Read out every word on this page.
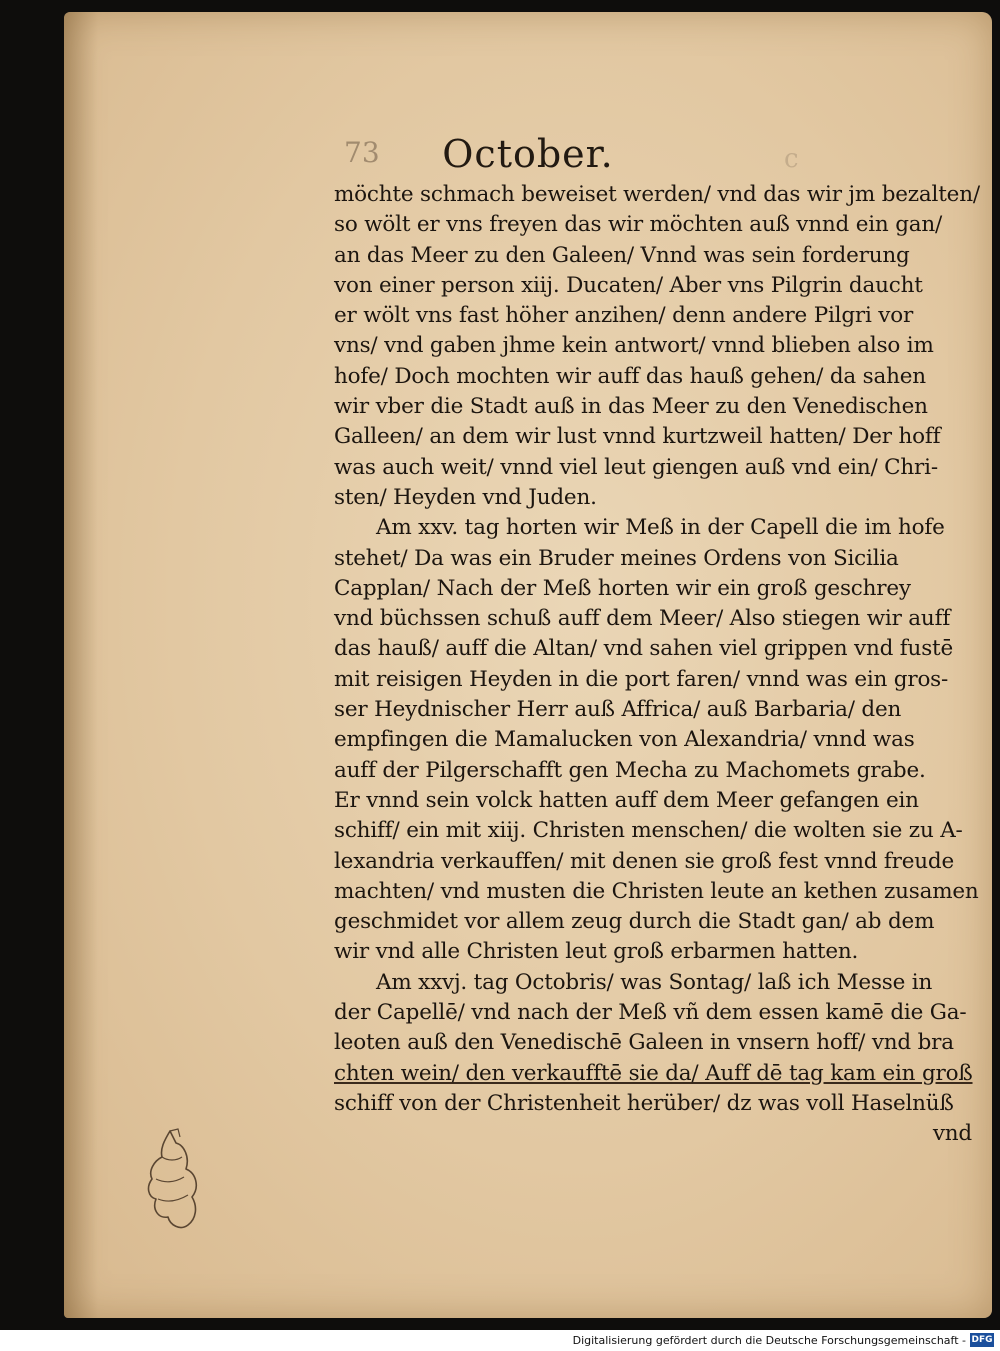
73	October.	c
möchte schmach beweiset werden/ vnd das wir jm bezalten/
so wölt er vns freyen das wir möchten auß vnnd ein gan/
an das Meer zu den Galeen/ Vnnd was sein forderung
von einer person xiij. Ducaten/ Aber vns Pilgrin daucht
er wölt vns fast höher anzihen/ denn andere Pilgri vor
vns/ vnd gaben jhme kein antwort/ vnnd blieben also im
hofe/ Doch mochten wir auff das hauß gehen/ da sahen
wir vber die Stadt auß in das Meer zu den Venedischen
Galleen/ an dem wir lust vnnd kurtzweil hatten/ Der hoff
was auch weit/ vnnd viel leut giengen auß vnd ein/ Chri-
sten/ Heyden vnd Juden.
Am xxv. tag horten wir Meß in der Capell die im hofe
stehet/ Da was ein Bruder meines Ordens von Sicilia
Capplan/ Nach der Meß horten wir ein groß geschrey
vnd büchssen schuß auff dem Meer/ Also stiegen wir auff
das hauß/ auff die Altan/ vnd sahen viel grippen vnd fustē
mit reisigen Heyden in die port faren/ vnnd was ein gros-
ser Heydnischer Herr auß Affrica/ auß Barbaria/ den
empfingen die Mamalucken von Alexandria/ vnnd was
auff der Pilgerschafft gen Mecha zu Machomets grabe.
Er vnnd sein volck hatten auff dem Meer gefangen ein
schiff/ ein mit xiij. Christen menschen/ die wolten sie zu A-
lexandria verkauffen/ mit denen sie groß fest vnnd freude
machten/ vnd musten die Christen leute an kethen zusamen
geschmidet vor allem zeug durch die Stadt gan/ ab dem
wir vnd alle Christen leut groß erbarmen hatten.
Am xxvj. tag Octobris/ was Sontag/ laß ich Messe in
der Capellē/ vnd nach der Meß vñ dem essen kamē die Ga-
leoten auß den Venedischē Galeen in vnsern hoff/ vnd bra
chten wein/ den verkaufftē sie da/ Auff dē tag kam ein groß
schiff von der Christenheit herüber/ dz was voll Haselnüß
vnd
Digitalisierung gefördert durch die Deutsche Forschungsgemeinschaft - DFG
